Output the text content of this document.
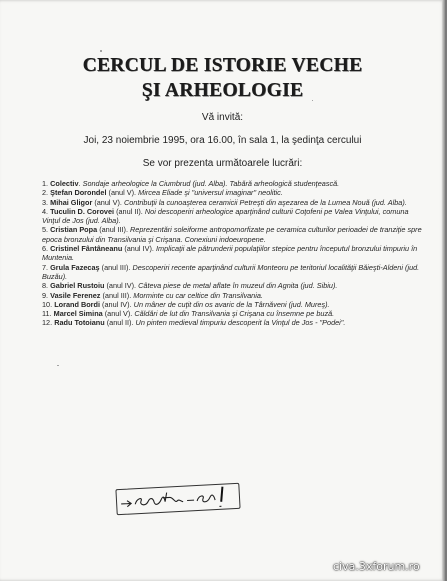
CERCUL DE ISTORIE VECHE
ŞI ARHEOLOGIE
Vă invită:
Joi, 23 noiembrie 1995, ora 16.00, în sala 1, la şedinţa cercului
Se vor prezenta următoarele lucrări:
1. Colectiv. Sondaje arheologice la Ciumbrud (jud. Alba). Tabără arheologică studenţească.
2. Ştefan Dorondel (anul V). Mircea Eliade şi "universul imaginar" neolitic.
3. Mihai Gligor (anul V). Contribuţii la cunoaşterea ceramicii Petreşti din aşezarea de la Lumea Nouă (jud. Alba).
4. Tuculin D. Corovei (anul II). Noi descoperiri arheologice aparţinând culturii Coţofeni pe Valea Vinţului, comuna Vinţul de Jos (jud. Alba).
5. Cristian Popa (anul III). Reprezentări soleiforme antropomorfizate pe ceramica culturilor perioadei de tranziţie spre epoca bronzului din Transilvania şi Crişana. Conexiuni indoeuropene.
6. Cristinel Fântâneanu (anul IV). Implicaţii ale pătrunderii populaţiilor stepice pentru începutul bronzului timpuriu în Muntenia.
7. Grula Fazecaş (anul III). Descoperiri recente aparţinând culturii Monteoru pe teritoriul localităţii Băieşti-Aldeni (jud. Buzău).
8. Gabriel Rustoiu (anul IV). Câteva piese de metal aflate în muzeul din Agnita (jud. Sibiu).
9. Vasile Ferenez (anul III). Morminte cu car celtice din Transilvania.
10. Lorand Bordi (anul IV). Un mâner de cuţit din os avaric de la Târnăveni (jud. Mureş).
11. Marcel Simina (anul V). Căldări de lut din Transilvania şi Crişana cu însemne pe buză.
12. Radu Totoianu (anul II). Un pinten medieval timpuriu descoperit la Vinţul de Jos - "Podei".
civa.3xforum.ro
